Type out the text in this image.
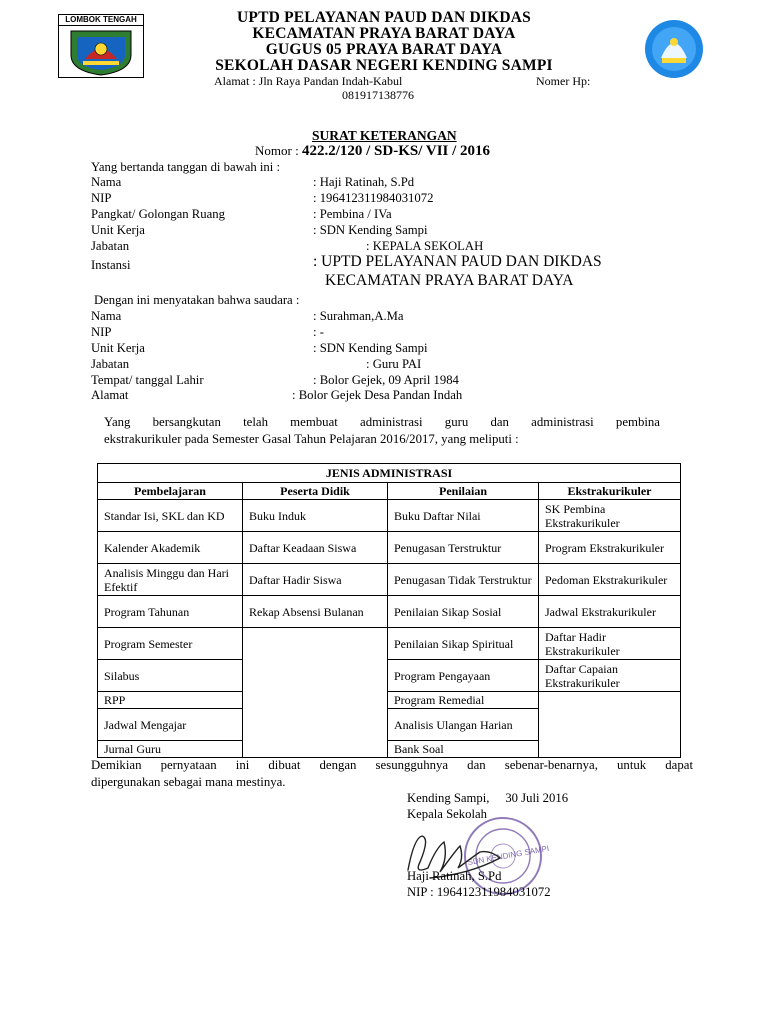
LOMBOK TENGAH	UPTD PELAYANAN PAUD DAN DIKDAS
KECAMATAN PRAYA BARAT DAYA
GUGUS 05 PRAYA BARAT DAYA
SEKOLAH DASAR NEGERI KENDING SAMPI
Alamat : Jln Raya Pandan Indah-Kabul	Nomer Hp:
081917138776
SURAT KETERANGAN
Nomor : 422.2/120 / SD-KS/ VII / 2016
Yang bertanda tanggan di bawah ini :
Nama	: Haji Ratinah, S.Pd
NIP	: 196412311984031072
Pangkat/ Golongan Ruang	: Pembina / IVa
Unit Kerja	: SDN Kending Sampi
Jabatan	: KEPALA SEKOLAH
Instansi	: UPTD PELAYANAN PAUD DAN DIKDAS
KECAMATAN PRAYA BARAT DAYA
Dengan ini menyatakan bahwa saudara :
Nama	: Surahman,A.Ma
NIP	: -
Unit Kerja	: SDN Kending Sampi
Jabatan	: Guru PAI
Tempat/ tanggal Lahir	: Bolor Gejek, 09 April 1984
Alamat	: Bolor Gejek Desa Pandan Indah
Yang bersangkutan telah membuat administrasi guru dan administrasi pembina
ekstrakurikuler pada Semester Gasal Tahun Pelajaran 2016/2017, yang meliputi :
JENIS ADMINISTRASI			
Pembelajaran	Peserta Didik	Penilaian	Ekstrakurikuler
Standar Isi, SKL dan KD	Buku Induk	Buku Daftar Nilai	SK Pembina Ekstrakurikuler
Kalender Akademik	Daftar Keadaan Siswa	Penugasan Terstruktur	Program Ekstrakurikuler
Analisis Minggu dan Hari Efektif	Daftar Hadir Siswa	Penugasan Tidak Terstruktur	Pedoman Ekstrakurikuler
Program Tahunan	Rekap Absensi Bulanan	Penilaian Sikap Sosial	Jadwal Ekstrakurikuler
Program Semester		Penilaian Sikap Spiritual	Daftar Hadir Ekstrakurikuler
Silabus		Program Pengayaan	Daftar Capaian Ekstrakurikuler
RPP		Program Remedial	
Jadwal Mengajar		Analisis Ulangan Harian	
Jurnal Guru		Bank Soal	
Demikian pernyataan ini dibuat dengan sesungguhnya dan sebenar-benarnya, untuk dapat
dipergunakan sebagai mana mestinya.
Kending Sampi,     30 Juli 2016
Kepala Sekolah
SDN KENDING SAMPI
Haji Ratinah, S.Pd
NIP : 196412311984031072
